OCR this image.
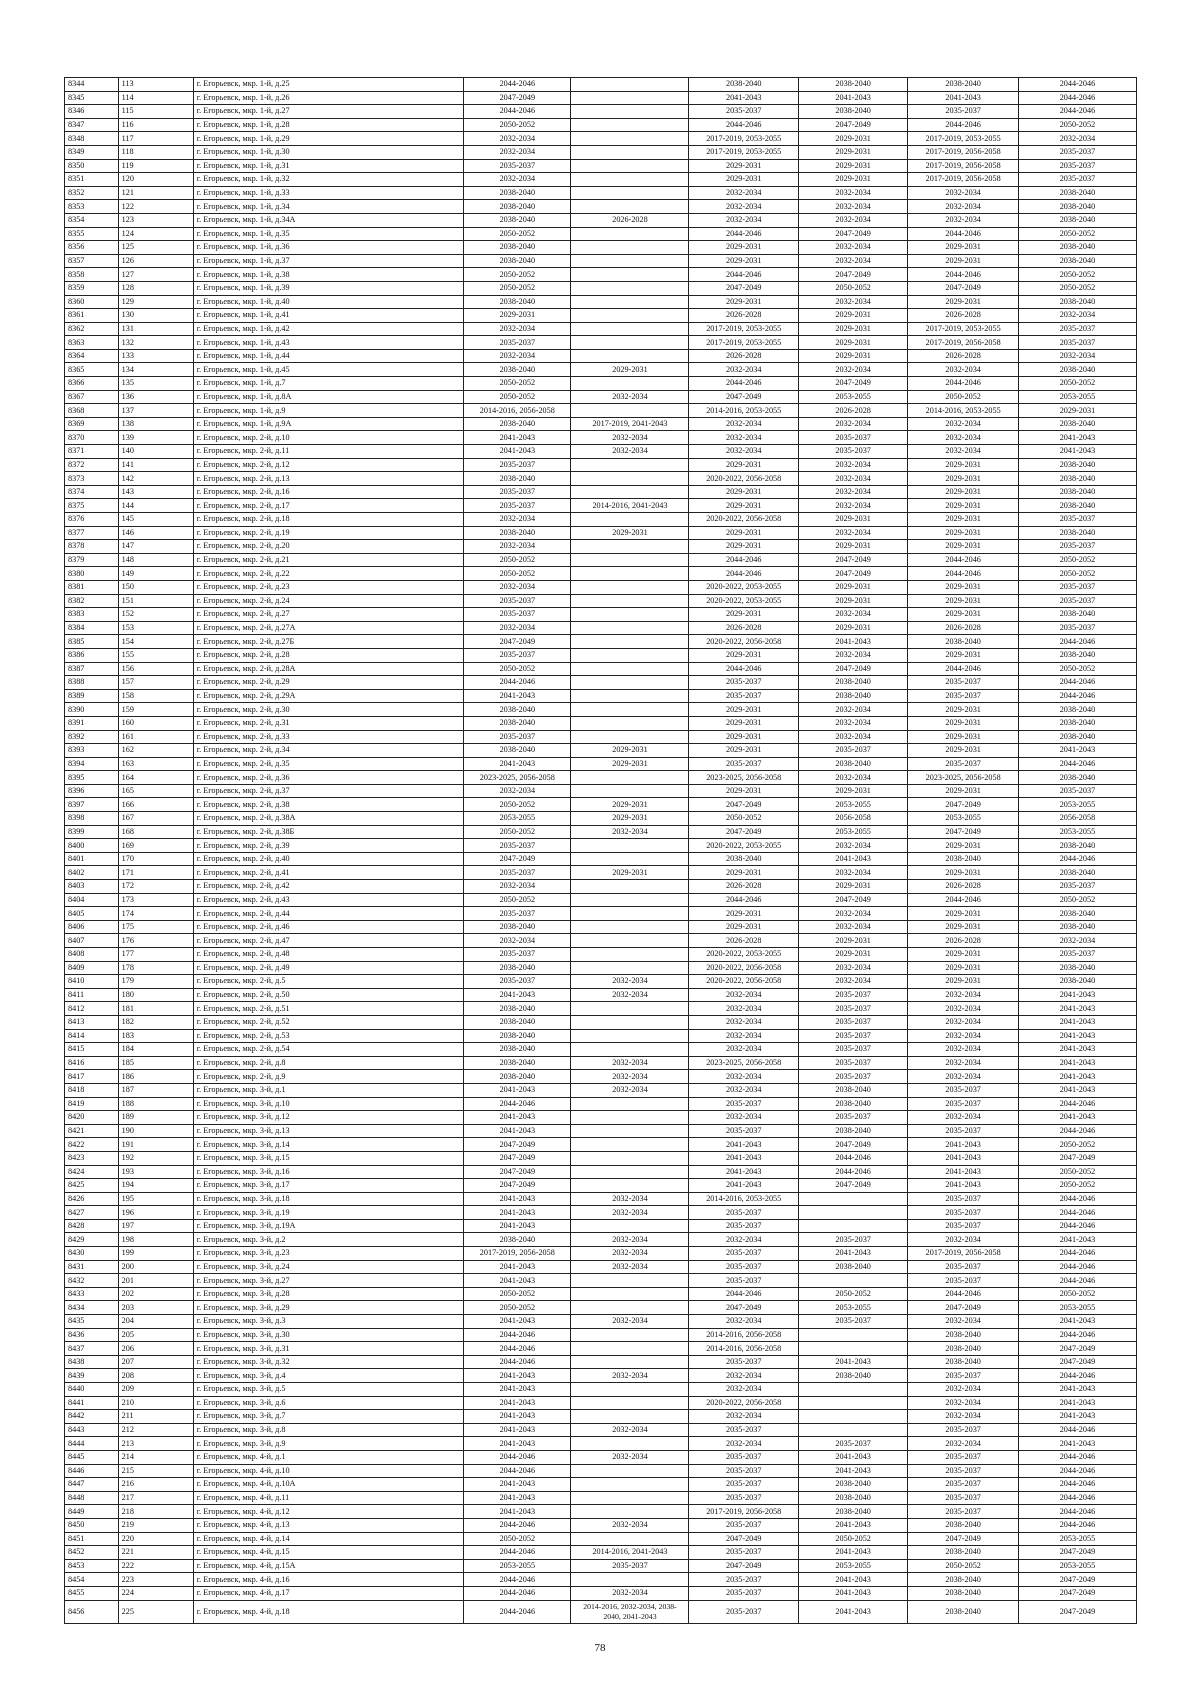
8344	113	г. Егорьевск, мкр. 1-й, д.25	2044-2046		2038-2040	2038-2040	2038-2040	2044-2046
8345	114	г. Егорьевск, мкр. 1-й, д.26	2047-2049		2041-2043	2041-2043	2041-2043	2044-2046
8346	115	г. Егорьевск, мкр. 1-й, д.27	2044-2046		2035-2037	2038-2040	2035-2037	2044-2046
8347	116	г. Егорьевск, мкр. 1-й, д.28	2050-2052		2044-2046	2047-2049	2044-2046	2050-2052
8348	117	г. Егорьевск, мкр. 1-й, д.29	2032-2034		2017-2019, 2053-2055	2029-2031	2017-2019, 2053-2055	2032-2034
8349	118	г. Егорьевск, мкр. 1-й, д.30	2032-2034		2017-2019, 2053-2055	2029-2031	2017-2019, 2056-2058	2035-2037
8350	119	г. Егорьевск, мкр. 1-й, д.31	2035-2037		2029-2031	2029-2031	2017-2019, 2056-2058	2035-2037
8351	120	г. Егорьевск, мкр. 1-й, д.32	2032-2034		2029-2031	2029-2031	2017-2019, 2056-2058	2035-2037
8352	121	г. Егорьевск, мкр. 1-й, д.33	2038-2040		2032-2034	2032-2034	2032-2034	2038-2040
8353	122	г. Егорьевск, мкр. 1-й, д.34	2038-2040		2032-2034	2032-2034	2032-2034	2038-2040
8354	123	г. Егорьевск, мкр. 1-й, д.34А	2038-2040	2026-2028	2032-2034	2032-2034	2032-2034	2038-2040
8355	124	г. Егорьевск, мкр. 1-й, д.35	2050-2052		2044-2046	2047-2049	2044-2046	2050-2052
8356	125	г. Егорьевск, мкр. 1-й, д.36	2038-2040		2029-2031	2032-2034	2029-2031	2038-2040
8357	126	г. Егорьевск, мкр. 1-й, д.37	2038-2040		2029-2031	2032-2034	2029-2031	2038-2040
8358	127	г. Егорьевск, мкр. 1-й, д.38	2050-2052		2044-2046	2047-2049	2044-2046	2050-2052
8359	128	г. Егорьевск, мкр. 1-й, д.39	2050-2052		2047-2049	2050-2052	2047-2049	2050-2052
8360	129	г. Егорьевск, мкр. 1-й, д.40	2038-2040		2029-2031	2032-2034	2029-2031	2038-2040
8361	130	г. Егорьевск, мкр. 1-й, д.41	2029-2031		2026-2028	2029-2031	2026-2028	2032-2034
8362	131	г. Егорьевск, мкр. 1-й, д.42	2032-2034		2017-2019, 2053-2055	2029-2031	2017-2019, 2053-2055	2035-2037
8363	132	г. Егорьевск, мкр. 1-й, д.43	2035-2037		2017-2019, 2053-2055	2029-2031	2017-2019, 2056-2058	2035-2037
8364	133	г. Егорьевск, мкр. 1-й, д.44	2032-2034		2026-2028	2029-2031	2026-2028	2032-2034
8365	134	г. Егорьевск, мкр. 1-й, д.45	2038-2040	2029-2031	2032-2034	2032-2034	2032-2034	2038-2040
8366	135	г. Егорьевск, мкр. 1-й, д.7	2050-2052		2044-2046	2047-2049	2044-2046	2050-2052
8367	136	г. Егорьевск, мкр. 1-й, д.8А	2050-2052	2032-2034	2047-2049	2053-2055	2050-2052	2053-2055
8368	137	г. Егорьевск, мкр. 1-й, д.9	2014-2016, 2056-2058		2014-2016, 2053-2055	2026-2028	2014-2016, 2053-2055	2029-2031
8369	138	г. Егорьевск, мкр. 1-й, д.9А	2038-2040	2017-2019, 2041-2043	2032-2034	2032-2034	2032-2034	2038-2040
8370	139	г. Егорьевск, мкр. 2-й, д.10	2041-2043	2032-2034	2032-2034	2035-2037	2032-2034	2041-2043
8371	140	г. Егорьевск, мкр. 2-й, д.11	2041-2043	2032-2034	2032-2034	2035-2037	2032-2034	2041-2043
8372	141	г. Егорьевск, мкр. 2-й, д.12	2035-2037		2029-2031	2032-2034	2029-2031	2038-2040
8373	142	г. Егорьевск, мкр. 2-й, д.13	2038-2040		2020-2022, 2056-2058	2032-2034	2029-2031	2038-2040
8374	143	г. Егорьевск, мкр. 2-й, д.16	2035-2037		2029-2031	2032-2034	2029-2031	2038-2040
8375	144	г. Егорьевск, мкр. 2-й, д.17	2035-2037	2014-2016, 2041-2043	2029-2031	2032-2034	2029-2031	2038-2040
8376	145	г. Егорьевск, мкр. 2-й, д.18	2032-2034		2020-2022, 2056-2058	2029-2031	2029-2031	2035-2037
8377	146	г. Егорьевск, мкр. 2-й, д.19	2038-2040	2029-2031	2029-2031	2032-2034	2029-2031	2038-2040
8378	147	г. Егорьевск, мкр. 2-й, д.20	2032-2034		2029-2031	2029-2031	2029-2031	2035-2037
8379	148	г. Егорьевск, мкр. 2-й, д.21	2050-2052		2044-2046	2047-2049	2044-2046	2050-2052
8380	149	г. Егорьевск, мкр. 2-й, д.22	2050-2052		2044-2046	2047-2049	2044-2046	2050-2052
8381	150	г. Егорьевск, мкр. 2-й, д.23	2032-2034		2020-2022, 2053-2055	2029-2031	2029-2031	2035-2037
8382	151	г. Егорьевск, мкр. 2-й, д.24	2035-2037		2020-2022, 2053-2055	2029-2031	2029-2031	2035-2037
8383	152	г. Егорьевск, мкр. 2-й, д.27	2035-2037		2029-2031	2032-2034	2029-2031	2038-2040
8384	153	г. Егорьевск, мкр. 2-й, д.27А	2032-2034		2026-2028	2029-2031	2026-2028	2035-2037
8385	154	г. Егорьевск, мкр. 2-й, д.27Б	2047-2049		2020-2022, 2056-2058	2041-2043	2038-2040	2044-2046
8386	155	г. Егорьевск, мкр. 2-й, д.28	2035-2037		2029-2031	2032-2034	2029-2031	2038-2040
8387	156	г. Егорьевск, мкр. 2-й, д.28А	2050-2052		2044-2046	2047-2049	2044-2046	2050-2052
8388	157	г. Егорьевск, мкр. 2-й, д.29	2044-2046		2035-2037	2038-2040	2035-2037	2044-2046
8389	158	г. Егорьевск, мкр. 2-й, д.29А	2041-2043		2035-2037	2038-2040	2035-2037	2044-2046
8390	159	г. Егорьевск, мкр. 2-й, д.30	2038-2040		2029-2031	2032-2034	2029-2031	2038-2040
8391	160	г. Егорьевск, мкр. 2-й, д.31	2038-2040		2029-2031	2032-2034	2029-2031	2038-2040
8392	161	г. Егорьевск, мкр. 2-й, д.33	2035-2037		2029-2031	2032-2034	2029-2031	2038-2040
8393	162	г. Егорьевск, мкр. 2-й, д.34	2038-2040	2029-2031	2029-2031	2035-2037	2029-2031	2041-2043
8394	163	г. Егорьевск, мкр. 2-й, д.35	2041-2043	2029-2031	2035-2037	2038-2040	2035-2037	2044-2046
8395	164	г. Егорьевск, мкр. 2-й, д.36	2023-2025, 2056-2058		2023-2025, 2056-2058	2032-2034	2023-2025, 2056-2058	2038-2040
8396	165	г. Егорьевск, мкр. 2-й, д.37	2032-2034		2029-2031	2029-2031	2029-2031	2035-2037
8397	166	г. Егорьевск, мкр. 2-й, д.38	2050-2052	2029-2031	2047-2049	2053-2055	2047-2049	2053-2055
8398	167	г. Егорьевск, мкр. 2-й, д.38А	2053-2055	2029-2031	2050-2052	2056-2058	2053-2055	2056-2058
8399	168	г. Егорьевск, мкр. 2-й, д.38Б	2050-2052	2032-2034	2047-2049	2053-2055	2047-2049	2053-2055
8400	169	г. Егорьевск, мкр. 2-й, д.39	2035-2037		2020-2022, 2053-2055	2032-2034	2029-2031	2038-2040
8401	170	г. Егорьевск, мкр. 2-й, д.40	2047-2049		2038-2040	2041-2043	2038-2040	2044-2046
8402	171	г. Егорьевск, мкр. 2-й, д.41	2035-2037	2029-2031	2029-2031	2032-2034	2029-2031	2038-2040
8403	172	г. Егорьевск, мкр. 2-й, д.42	2032-2034		2026-2028	2029-2031	2026-2028	2035-2037
8404	173	г. Егорьевск, мкр. 2-й, д.43	2050-2052		2044-2046	2047-2049	2044-2046	2050-2052
8405	174	г. Егорьевск, мкр. 2-й, д.44	2035-2037		2029-2031	2032-2034	2029-2031	2038-2040
8406	175	г. Егорьевск, мкр. 2-й, д.46	2038-2040		2029-2031	2032-2034	2029-2031	2038-2040
8407	176	г. Егорьевск, мкр. 2-й, д.47	2032-2034		2026-2028	2029-2031	2026-2028	2032-2034
8408	177	г. Егорьевск, мкр. 2-й, д.48	2035-2037		2020-2022, 2053-2055	2029-2031	2029-2031	2035-2037
8409	178	г. Егорьевск, мкр. 2-й, д.49	2038-2040		2020-2022, 2056-2058	2032-2034	2029-2031	2038-2040
8410	179	г. Егорьевск, мкр. 2-й, д.5	2035-2037	2032-2034	2020-2022, 2056-2058	2032-2034	2029-2031	2038-2040
8411	180	г. Егорьевск, мкр. 2-й, д.50	2041-2043	2032-2034	2032-2034	2035-2037	2032-2034	2041-2043
8412	181	г. Егорьевск, мкр. 2-й, д.51	2038-2040		2032-2034	2035-2037	2032-2034	2041-2043
8413	182	г. Егорьевск, мкр. 2-й, д.52	2038-2040		2032-2034	2035-2037	2032-2034	2041-2043
8414	183	г. Егорьевск, мкр. 2-й, д.53	2038-2040		2032-2034	2035-2037	2032-2034	2041-2043
8415	184	г. Егорьевск, мкр. 2-й, д.54	2038-2040		2032-2034	2035-2037	2032-2034	2041-2043
8416	185	г. Егорьевск, мкр. 2-й, д.8	2038-2040	2032-2034	2023-2025, 2056-2058	2035-2037	2032-2034	2041-2043
8417	186	г. Егорьевск, мкр. 2-й, д.9	2038-2040	2032-2034	2032-2034	2035-2037	2032-2034	2041-2043
8418	187	г. Егорьевск, мкр. 3-й, д.1	2041-2043	2032-2034	2032-2034	2038-2040	2035-2037	2041-2043
8419	188	г. Егорьевск, мкр. 3-й, д.10	2044-2046		2035-2037	2038-2040	2035-2037	2044-2046
8420	189	г. Егорьевск, мкр. 3-й, д.12	2041-2043		2032-2034	2035-2037	2032-2034	2041-2043
8421	190	г. Егорьевск, мкр. 3-й, д.13	2041-2043		2035-2037	2038-2040	2035-2037	2044-2046
8422	191	г. Егорьевск, мкр. 3-й, д.14	2047-2049		2041-2043	2047-2049	2041-2043	2050-2052
8423	192	г. Егорьевск, мкр. 3-й, д.15	2047-2049		2041-2043	2044-2046	2041-2043	2047-2049
8424	193	г. Егорьевск, мкр. 3-й, д.16	2047-2049		2041-2043	2044-2046	2041-2043	2050-2052
8425	194	г. Егорьевск, мкр. 3-й, д.17	2047-2049		2041-2043	2047-2049	2041-2043	2050-2052
8426	195	г. Егорьевск, мкр. 3-й, д.18	2041-2043	2032-2034	2014-2016, 2053-2055		2035-2037	2044-2046
8427	196	г. Егорьевск, мкр. 3-й, д.19	2041-2043	2032-2034	2035-2037		2035-2037	2044-2046
8428	197	г. Егорьевск, мкр. 3-й, д.19А	2041-2043		2035-2037		2035-2037	2044-2046
8429	198	г. Егорьевск, мкр. 3-й, д.2	2038-2040	2032-2034	2032-2034	2035-2037	2032-2034	2041-2043
8430	199	г. Егорьевск, мкр. 3-й, д.23	2017-2019, 2056-2058	2032-2034	2035-2037	2041-2043	2017-2019, 2056-2058	2044-2046
8431	200	г. Егорьевск, мкр. 3-й, д.24	2041-2043	2032-2034	2035-2037	2038-2040	2035-2037	2044-2046
8432	201	г. Егорьевск, мкр. 3-й, д.27	2041-2043		2035-2037		2035-2037	2044-2046
8433	202	г. Егорьевск, мкр. 3-й, д.28	2050-2052		2044-2046	2050-2052	2044-2046	2050-2052
8434	203	г. Егорьевск, мкр. 3-й, д.29	2050-2052		2047-2049	2053-2055	2047-2049	2053-2055
8435	204	г. Егорьевск, мкр. 3-й, д.3	2041-2043	2032-2034	2032-2034	2035-2037	2032-2034	2041-2043
8436	205	г. Егорьевск, мкр. 3-й, д.30	2044-2046		2014-2016, 2056-2058		2038-2040	2044-2046
8437	206	г. Егорьевск, мкр. 3-й, д.31	2044-2046		2014-2016, 2056-2058		2038-2040	2047-2049
8438	207	г. Егорьевск, мкр. 3-й, д.32	2044-2046		2035-2037	2041-2043	2038-2040	2047-2049
8439	208	г. Егорьевск, мкр. 3-й, д.4	2041-2043	2032-2034	2032-2034	2038-2040	2035-2037	2044-2046
8440	209	г. Егорьевск, мкр. 3-й, д.5	2041-2043		2032-2034		2032-2034	2041-2043
8441	210	г. Егорьевск, мкр. 3-й, д.6	2041-2043		2020-2022, 2056-2058		2032-2034	2041-2043
8442	211	г. Егорьевск, мкр. 3-й, д.7	2041-2043		2032-2034		2032-2034	2041-2043
8443	212	г. Егорьевск, мкр. 3-й, д.8	2041-2043	2032-2034	2035-2037		2035-2037	2044-2046
8444	213	г. Егорьевск, мкр. 3-й, д.9	2041-2043		2032-2034	2035-2037	2032-2034	2041-2043
8445	214	г. Егорьевск, мкр. 4-й, д.1	2044-2046	2032-2034	2035-2037	2041-2043	2035-2037	2044-2046
8446	215	г. Егорьевск, мкр. 4-й, д.10	2044-2046		2035-2037	2041-2043	2035-2037	2044-2046
8447	216	г. Егорьевск, мкр. 4-й, д.10А	2041-2043		2035-2037	2038-2040	2035-2037	2044-2046
8448	217	г. Егорьевск, мкр. 4-й, д.11	2041-2043		2035-2037	2038-2040	2035-2037	2044-2046
8449	218	г. Егорьевск, мкр. 4-й, д.12	2041-2043		2017-2019, 2056-2058	2038-2040	2035-2037	2044-2046
8450	219	г. Егорьевск, мкр. 4-й, д.13	2044-2046	2032-2034	2035-2037	2041-2043	2038-2040	2044-2046
8451	220	г. Егорьевск, мкр. 4-й, д.14	2050-2052		2047-2049	2050-2052	2047-2049	2053-2055
8452	221	г. Егорьевск, мкр. 4-й, д.15	2044-2046	2014-2016, 2041-2043	2035-2037	2041-2043	2038-2040	2047-2049
8453	222	г. Егорьевск, мкр. 4-й, д.15А	2053-2055	2035-2037	2047-2049	2053-2055	2050-2052	2053-2055
8454	223	г. Егорьевск, мкр. 4-й, д.16	2044-2046		2035-2037	2041-2043	2038-2040	2047-2049
8455	224	г. Егорьевск, мкр. 4-й, д.17	2044-2046	2032-2034	2035-2037	2041-2043	2038-2040	2047-2049
8456	225	г. Егорьевск, мкр. 4-й, д.18	2044-2046	2014-2016, 2032-2034, 2038-2040, 2041-2043	2035-2037	2041-2043	2038-2040	2047-2049
78
